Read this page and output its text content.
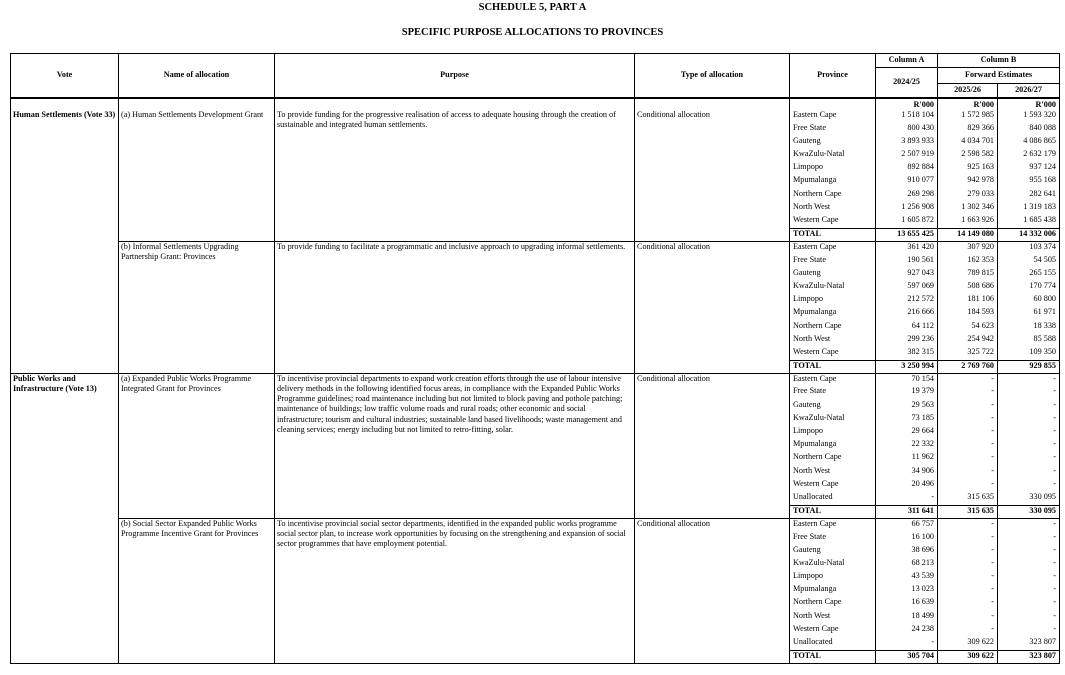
SCHEDULE 5, PART A
SPECIFIC PURPOSE ALLOCATIONS TO PROVINCES
Vote	Name of allocation	Purpose	Type of allocation	Province	Column A	Column B	
					2024/25	Forward Estimates	
						2025/26	2026/27
					R'000	R'000	R'000
Human Settlements (Vote 33)	(a) Human Settlements Development Grant	To provide funding for the progressive realisation of access to adequate housing through the creation of sustainable and integrated human settlements.	Conditional allocation	Eastern Cape	1 518 104	1 572 985	1 593 320
				Free State	800 430	829 366	840 088
				Gauteng	3 893 933	4 034 701	4 086 865
				KwaZulu-Natal	2 507 919	2 598 582	2 632 179
				Limpopo	892 884	925 163	937 124
				Mpumalanga	910 077	942 978	955 168
				Northern Cape	269 298	279 033	282 641
				North West	1 256 908	1 302 346	1 319 183
				Western Cape	1 605 872	1 663 926	1 685 438
				TOTAL	13 655 425	14 149 080	14 332 006
	(b) Informal Settlements Upgrading Partnership Grant: Provinces	To provide funding to facilitate a programmatic and inclusive approach to upgrading informal settlements.	Conditional allocation	Eastern Cape	361 420	307 920	103 374
				Free State	190 561	162 353	54 505
				Gauteng	927 043	789 815	265 155
				KwaZulu-Natal	597 069	508 686	170 774
				Limpopo	212 572	181 106	60 800
				Mpumalanga	216 666	184 593	61 971
				Northern Cape	64 112	54 623	18 338
				North West	299 236	254 942	85 588
				Western Cape	382 315	325 722	109 350
				TOTAL	3 250 994	2 769 760	929 855
Public Works and Infrastructure (Vote 13)	(a) Expanded Public Works Programme Integrated Grant for Provinces	To incentivise provincial departments to expand work creation efforts through the use of labour intensive delivery methods in the following identified focus areas, in compliance with the Expanded Public Works Programme guidelines; road maintenance including but not limited to block paving and pothole patching; maintenance of buildings; low traffic volume roads and rural roads; other economic and social infrastructure; tourism and cultural industries; sustainable land based livelihoods; waste management and cleaning services; energy including but not limited to retro-fitting, solar.	Conditional allocation	Eastern Cape	70 154	-	-
				Free State	19 379	-	-
				Gauteng	29 563	-	-
				KwaZulu-Natal	73 185	-	-
				Limpopo	29 664	-	-
				Mpumalanga	22 332	-	-
				Northern Cape	11 962	-	-
				North West	34 906	-	-
				Western Cape	20 496	-	-
				Unallocated	-	315 635	330 095
				TOTAL	311 641	315 635	330 095
	(b) Social Sector Expanded Public Works Programme Incentive Grant for Provinces	To incentivise provincial social sector departments, identified in the expanded public works programme social sector plan, to increase work opportunities by focusing on the strengthening and expansion of social sector programmes that have employment potential.	Conditional allocation	Eastern Cape	66 757	-	-
				Free State	16 100	-	-
				Gauteng	38 696	-	-
				KwaZulu-Natal	68 213	-	-
				Limpopo	43 539	-	-
				Mpumalanga	13 023	-	-
				Northern Cape	16 639	-	-
				North West	18 499	-	-
				Western Cape	24 238	-	-
				Unallocated	-	309 622	323 807
				TOTAL	305 704	309 622	323 807
